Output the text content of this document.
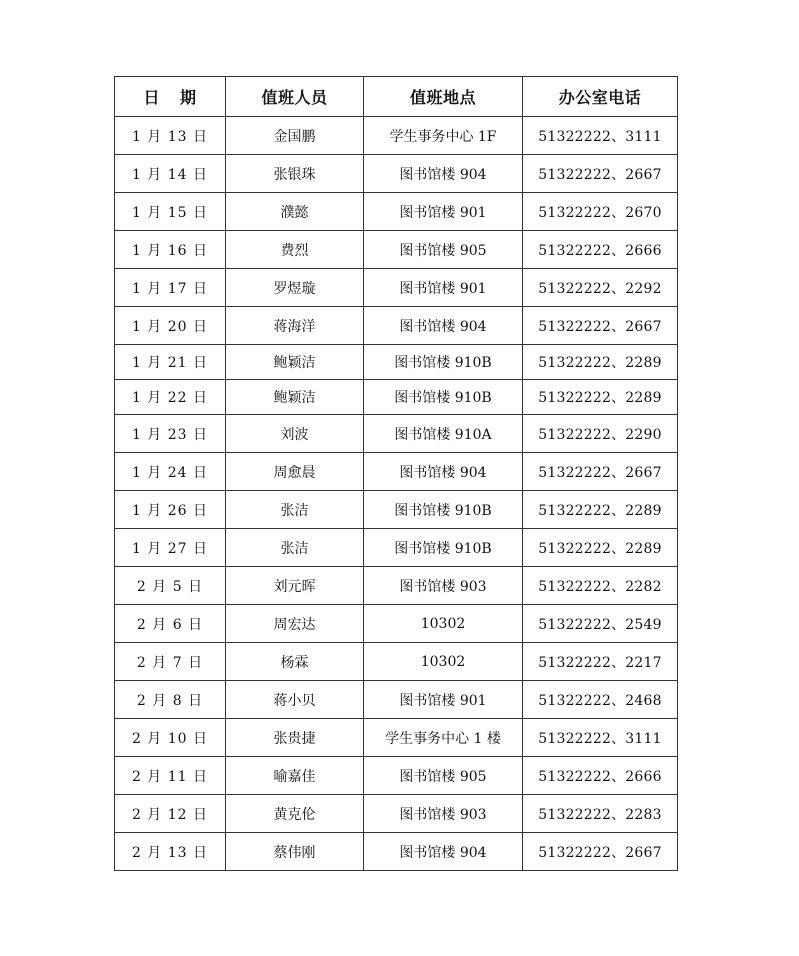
日 期	值班人员	值班地点	办公室电话
1 月 13 日	金国鹏	学生事务中心 1F	51322222、3111
1 月 14 日	张银珠	图书馆楼 904	51322222、2667
1 月 15 日	濮懿	图书馆楼 901	51322222、2670
1 月 16 日	费烈	图书馆楼 905	51322222、2666
1 月 17 日	罗煜璇	图书馆楼 901	51322222、2292
1 月 20 日	蒋海洋	图书馆楼 904	51322222、2667
1 月 21 日	鲍颖洁	图书馆楼 910B	51322222、2289
1 月 22 日	鲍颖洁	图书馆楼 910B	51322222、2289
1 月 23 日	刘波	图书馆楼 910A	51322222、2290
1 月 24 日	周愈晨	图书馆楼 904	51322222、2667
1 月 26 日	张洁	图书馆楼 910B	51322222、2289
1 月 27 日	张洁	图书馆楼 910B	51322222、2289
2 月 5 日	刘元晖	图书馆楼 903	51322222、2282
2 月 6 日	周宏达	10302	51322222、2549
2 月 7 日	杨霖	10302	51322222、2217
2 月 8 日	蒋小贝	图书馆楼 901	51322222、2468
2 月 10 日	张贵捷	学生事务中心 1 楼	51322222、3111
2 月 11 日	喻嘉佳	图书馆楼 905	51322222、2666
2 月 12 日	黄克伦	图书馆楼 903	51322222、2283
2 月 13 日	蔡伟刚	图书馆楼 904	51322222、2667
